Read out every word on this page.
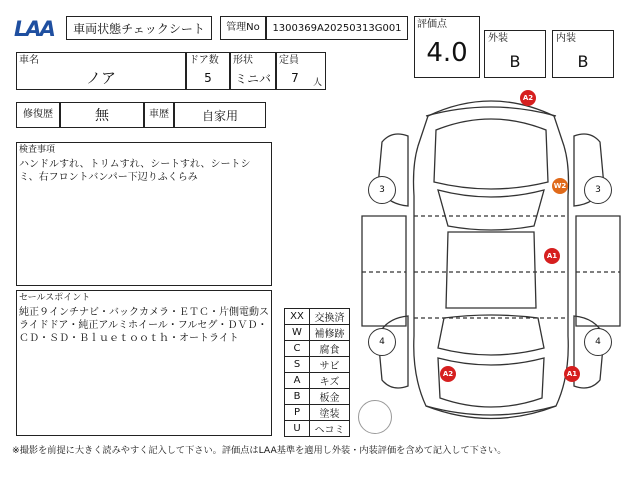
LAA	車両状態チェックシート	管理No	1300369A20250313G001	評価点
4.0	外装
B
内装
B
車名
ノア
ドア数
5
形状
ミニバ
定員
7	人
修復歴	無	車歴	自家用
検査事項
ハンドルすれ、トリムすれ、シートすれ、シートシミ、右フロントバンパー下辺りふくらみ
セールスポイント
純正９インチナビ・バックカメラ・ＥＴＣ・片側電動スライドドア・純正アルミホイール・フルセグ・ＤＶＤ・ＣＤ・ＳＤ・Ｂｌｕｅｔｏｏｔｈ・オートライト
XX	交換済
W	補修跡
C	腐食
S	サビ
A	キズ
B	板金
P	塗装
U	ヘコミ
3	3
4	4
A2
W2
A1
A2	A1
※撮影を前提に大きく読みやすく記入して下さい。評価点はLAA基準を適用し外装・内装評価を含めて記入して下さい。
